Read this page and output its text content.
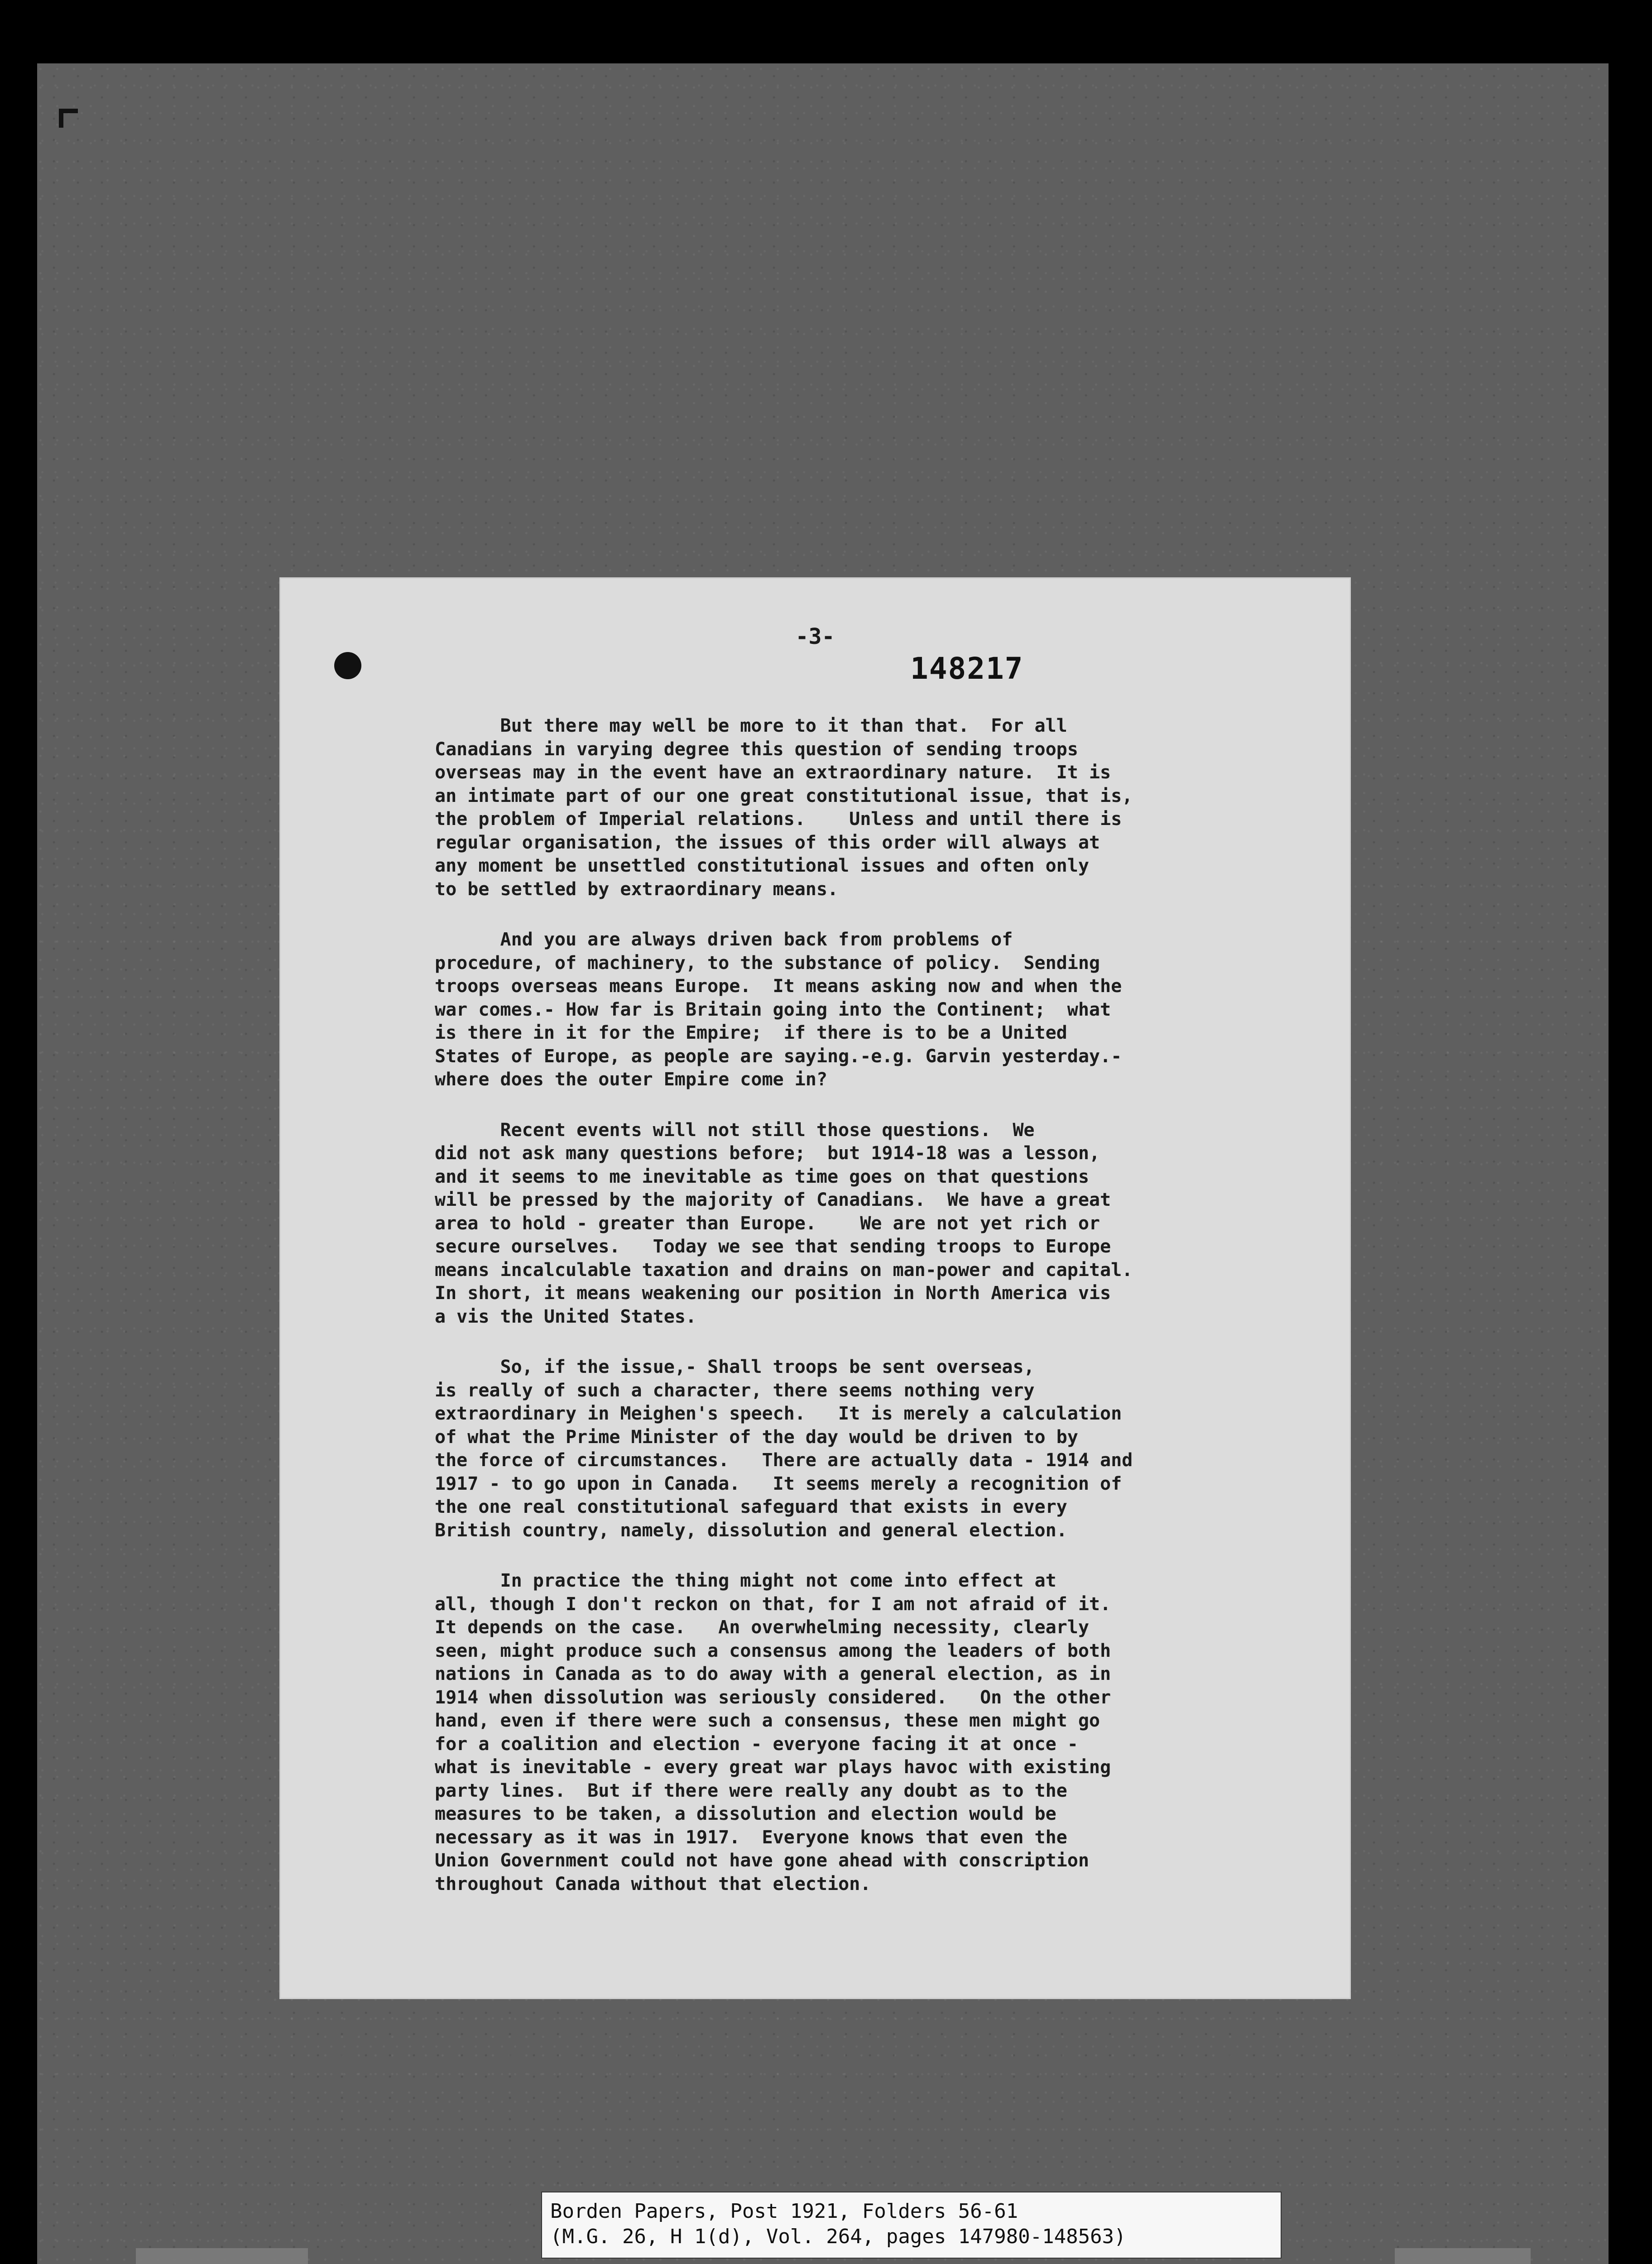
-3-
148217

But there may well be more to it than that.  For all
Canadians in varying degree this question of sending troops
overseas may in the event have an extraordinary nature.  It is
an intimate part of our one great constitutional issue, that is,
the problem of Imperial relations.    Unless and until there is
regular organisation, the issues of this order will always at
any moment be unsettled constitutional issues and often only
to be settled by extraordinary means.

And you are always driven back from problems of
procedure, of machinery, to the substance of policy.  Sending
troops overseas means Europe.  It means asking now and when the
war comes.- How far is Britain going into the Continent;  what
is there in it for the Empire;  if there is to be a United
States of Europe, as people are saying.-e.g. Garvin yesterday.-
where does the outer Empire come in?

Recent events will not still those questions.  We
did not ask many questions before;  but 1914-18 was a lesson,
and it seems to me inevitable as time goes on that questions
will be pressed by the majority of Canadians.  We have a great
area to hold - greater than Europe.    We are not yet rich or
secure ourselves.   Today we see that sending troops to Europe
means incalculable taxation and drains on man-power and capital.
In short, it means weakening our position in North America vis
a vis the United States.

So, if the issue,- Shall troops be sent overseas,
is really of such a character, there seems nothing very
extraordinary in Meighen's speech.   It is merely a calculation
of what the Prime Minister of the day would be driven to by
the force of circumstances.   There are actually data - 1914 and
1917 - to go upon in Canada.   It seems merely a recognition of
the one real constitutional safeguard that exists in every
British country, namely, dissolution and general election.

In practice the thing might not come into effect at
all, though I don't reckon on that, for I am not afraid of it.
It depends on the case.   An overwhelming necessity, clearly
seen, might produce such a consensus among the leaders of both
nations in Canada as to do away with a general election, as in
1914 when dissolution was seriously considered.   On the other
hand, even if there were such a consensus, these men might go
for a coalition and election - everyone facing it at once -
what is inevitable - every great war plays havoc with existing
party lines.  But if there were really any doubt as to the
measures to be taken, a dissolution and election would be
necessary as it was in 1917.  Everyone knows that even the
Union Government could not have gone ahead with conscription
throughout Canada without that election.

Borden Papers, Post 1921, Folders 56-61
(M.G. 26, H 1(d), Vol. 264, pages 147980-148563)
